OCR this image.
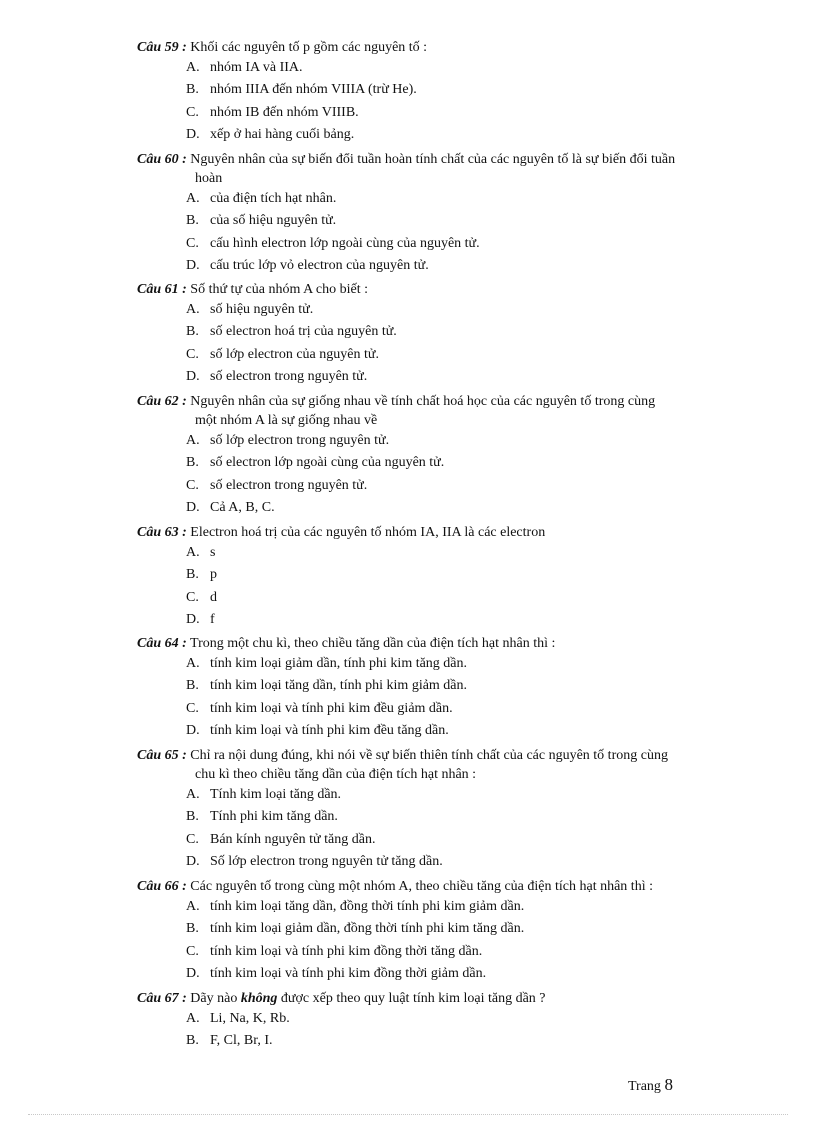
Câu 59 : Khối các nguyên tố p gồm các nguyên tố :
A. nhóm IA và IIA.
B. nhóm IIIA đến nhóm VIIIA (trừ He).
C. nhóm IB đến nhóm VIIIB.
D. xếp ở hai hàng cuối bảng.
Câu 60 : Nguyên nhân của sự biến đổi tuần hoàn tính chất của các nguyên tố là sự biến đổi tuần
hoàn
A. của điện tích hạt nhân.
B. của số hiệu nguyên tử.
C. cấu hình electron lớp ngoài cùng của nguyên tử.
D. cấu trúc lớp vỏ electron của nguyên tử.
Câu 61 : Số thứ tự của nhóm A cho biết :
A. số hiệu nguyên tử.
B. số electron hoá trị của nguyên tử.
C. số lớp electron của nguyên tử.
D. số electron trong nguyên tử.
Câu 62 : Nguyên nhân của sự giống nhau về tính chất hoá học của các nguyên tố trong cùng
một nhóm A là sự giống nhau về
A. số lớp electron trong nguyên tử.
B. số electron lớp ngoài cùng của nguyên tử.
C. số electron trong nguyên tử.
D. Cả A, B, C.
Câu 63 : Electron hoá trị của các nguyên tố nhóm IA, IIA là các electron
A. s
B. p
C. d
D. f
Câu 64 : Trong một chu kì, theo chiều tăng dần của điện tích hạt nhân thì :
A. tính kim loại giảm dần, tính phi kim tăng dần.
B. tính kim loại tăng dần, tính phi kim giảm dần.
C. tính kim loại và tính phi kim đều giảm dần.
D. tính kim loại và tính phi kim đều tăng dần.
Câu 65 : Chỉ ra nội dung đúng, khi nói về sự biến thiên tính chất của các nguyên tố trong cùng
chu kì theo chiều tăng dần của điện tích hạt nhân :
A. Tính kim loại tăng dần.
B. Tính phi kim tăng dần.
C. Bán kính nguyên tử tăng dần.
D. Số lớp electron trong nguyên tử tăng dần.
Câu 66 : Các nguyên tố trong cùng một nhóm A, theo chiều tăng của điện tích hạt nhân thì :
A. tính kim loại tăng dần, đồng thời tính phi kim giảm dần.
B. tính kim loại giảm dần, đồng thời tính phi kim tăng dần.
C. tính kim loại và tính phi kim đồng thời tăng dần.
D. tính kim loại và tính phi kim đồng thời giảm dần.
Câu 67 : Dãy nào không được xếp theo quy luật tính kim loại tăng dần ?
A. Li, Na, K, Rb.
B. F, Cl, Br, I.
Trang 8
